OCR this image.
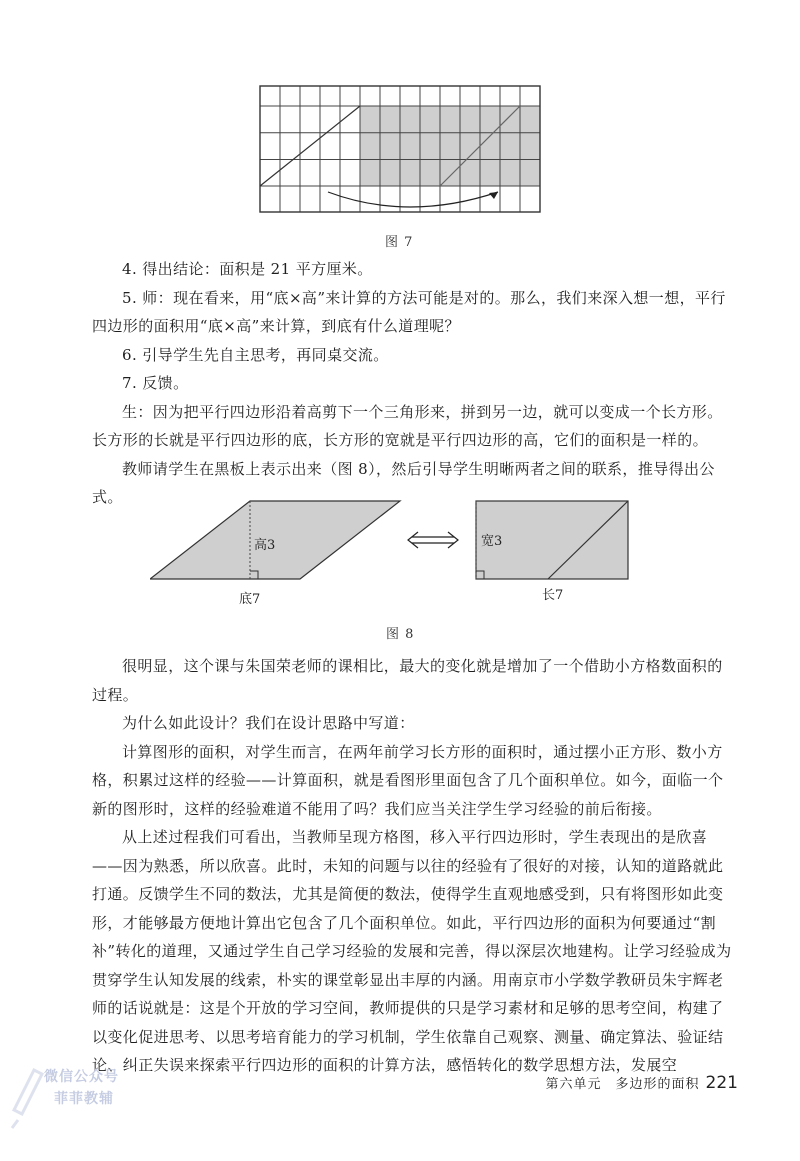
图 7

4. 得出结论：面积是 21 平方厘米。

5. 师：现在看来，用“底×高”来计算的方法可能是对的。那么，我们来深入想一想，平行四边形的面积用“底×高”来计算，到底有什么道理呢？

6. 引导学生先自主思考，再同桌交流。

7. 反馈。

生：因为把平行四边形沿着高剪下一个三角形来，拼到另一边，就可以变成一个长方形。长方形的长就是平行四边形的底，长方形的宽就是平行四边形的高，它们的面积是一样的。

教师请学生在黑板上表示出来（图 8），然后引导学生明晰两者之间的联系，推导得出公式。

高3
底7
宽3
长7
图 8

很明显，这个课与朱国荣老师的课相比，最大的变化就是增加了一个借助小方格数面积的过程。

为什么如此设计？我们在设计思路中写道：

计算图形的面积，对学生而言，在两年前学习长方形的面积时，通过摆小正方形、数小方格，积累过这样的经验——计算面积，就是看图形里面包含了几个面积单位。如今，面临一个新的图形时，这样的经验难道不能用了吗？我们应当关注学生学习经验的前后衔接。

从上述过程我们可看出，当教师呈现方格图，移入平行四边形时，学生表现出的是欣喜——因为熟悉，所以欣喜。此时，未知的问题与以往的经验有了很好的对接，认知的道路就此打通。反馈学生不同的数法，尤其是简便的数法，使得学生直观地感受到，只有将图形如此变形，才能够最方便地计算出它包含了几个面积单位。如此，平行四边形的面积为何要通过“割补”转化的道理，又通过学生自己学习经验的发展和完善，得以深层次地建构。让学习经验成为贯穿学生认知发展的线索，朴实的课堂彰显出丰厚的内涵。用南京市小学数学教研员朱宇辉老师的话说就是：这是个开放的学习空间，教师提供的只是学习素材和足够的思考空间，构建了以变化促进思考、以思考培育能力的学习机制，学生依靠自己观察、测量、确定算法、验证结论、纠正失误来探索平行四边形的面积的计算方法，感悟转化的数学思想方法，发展空

微信公众号
菲菲教辅
第六单元　多边形的面积 221
